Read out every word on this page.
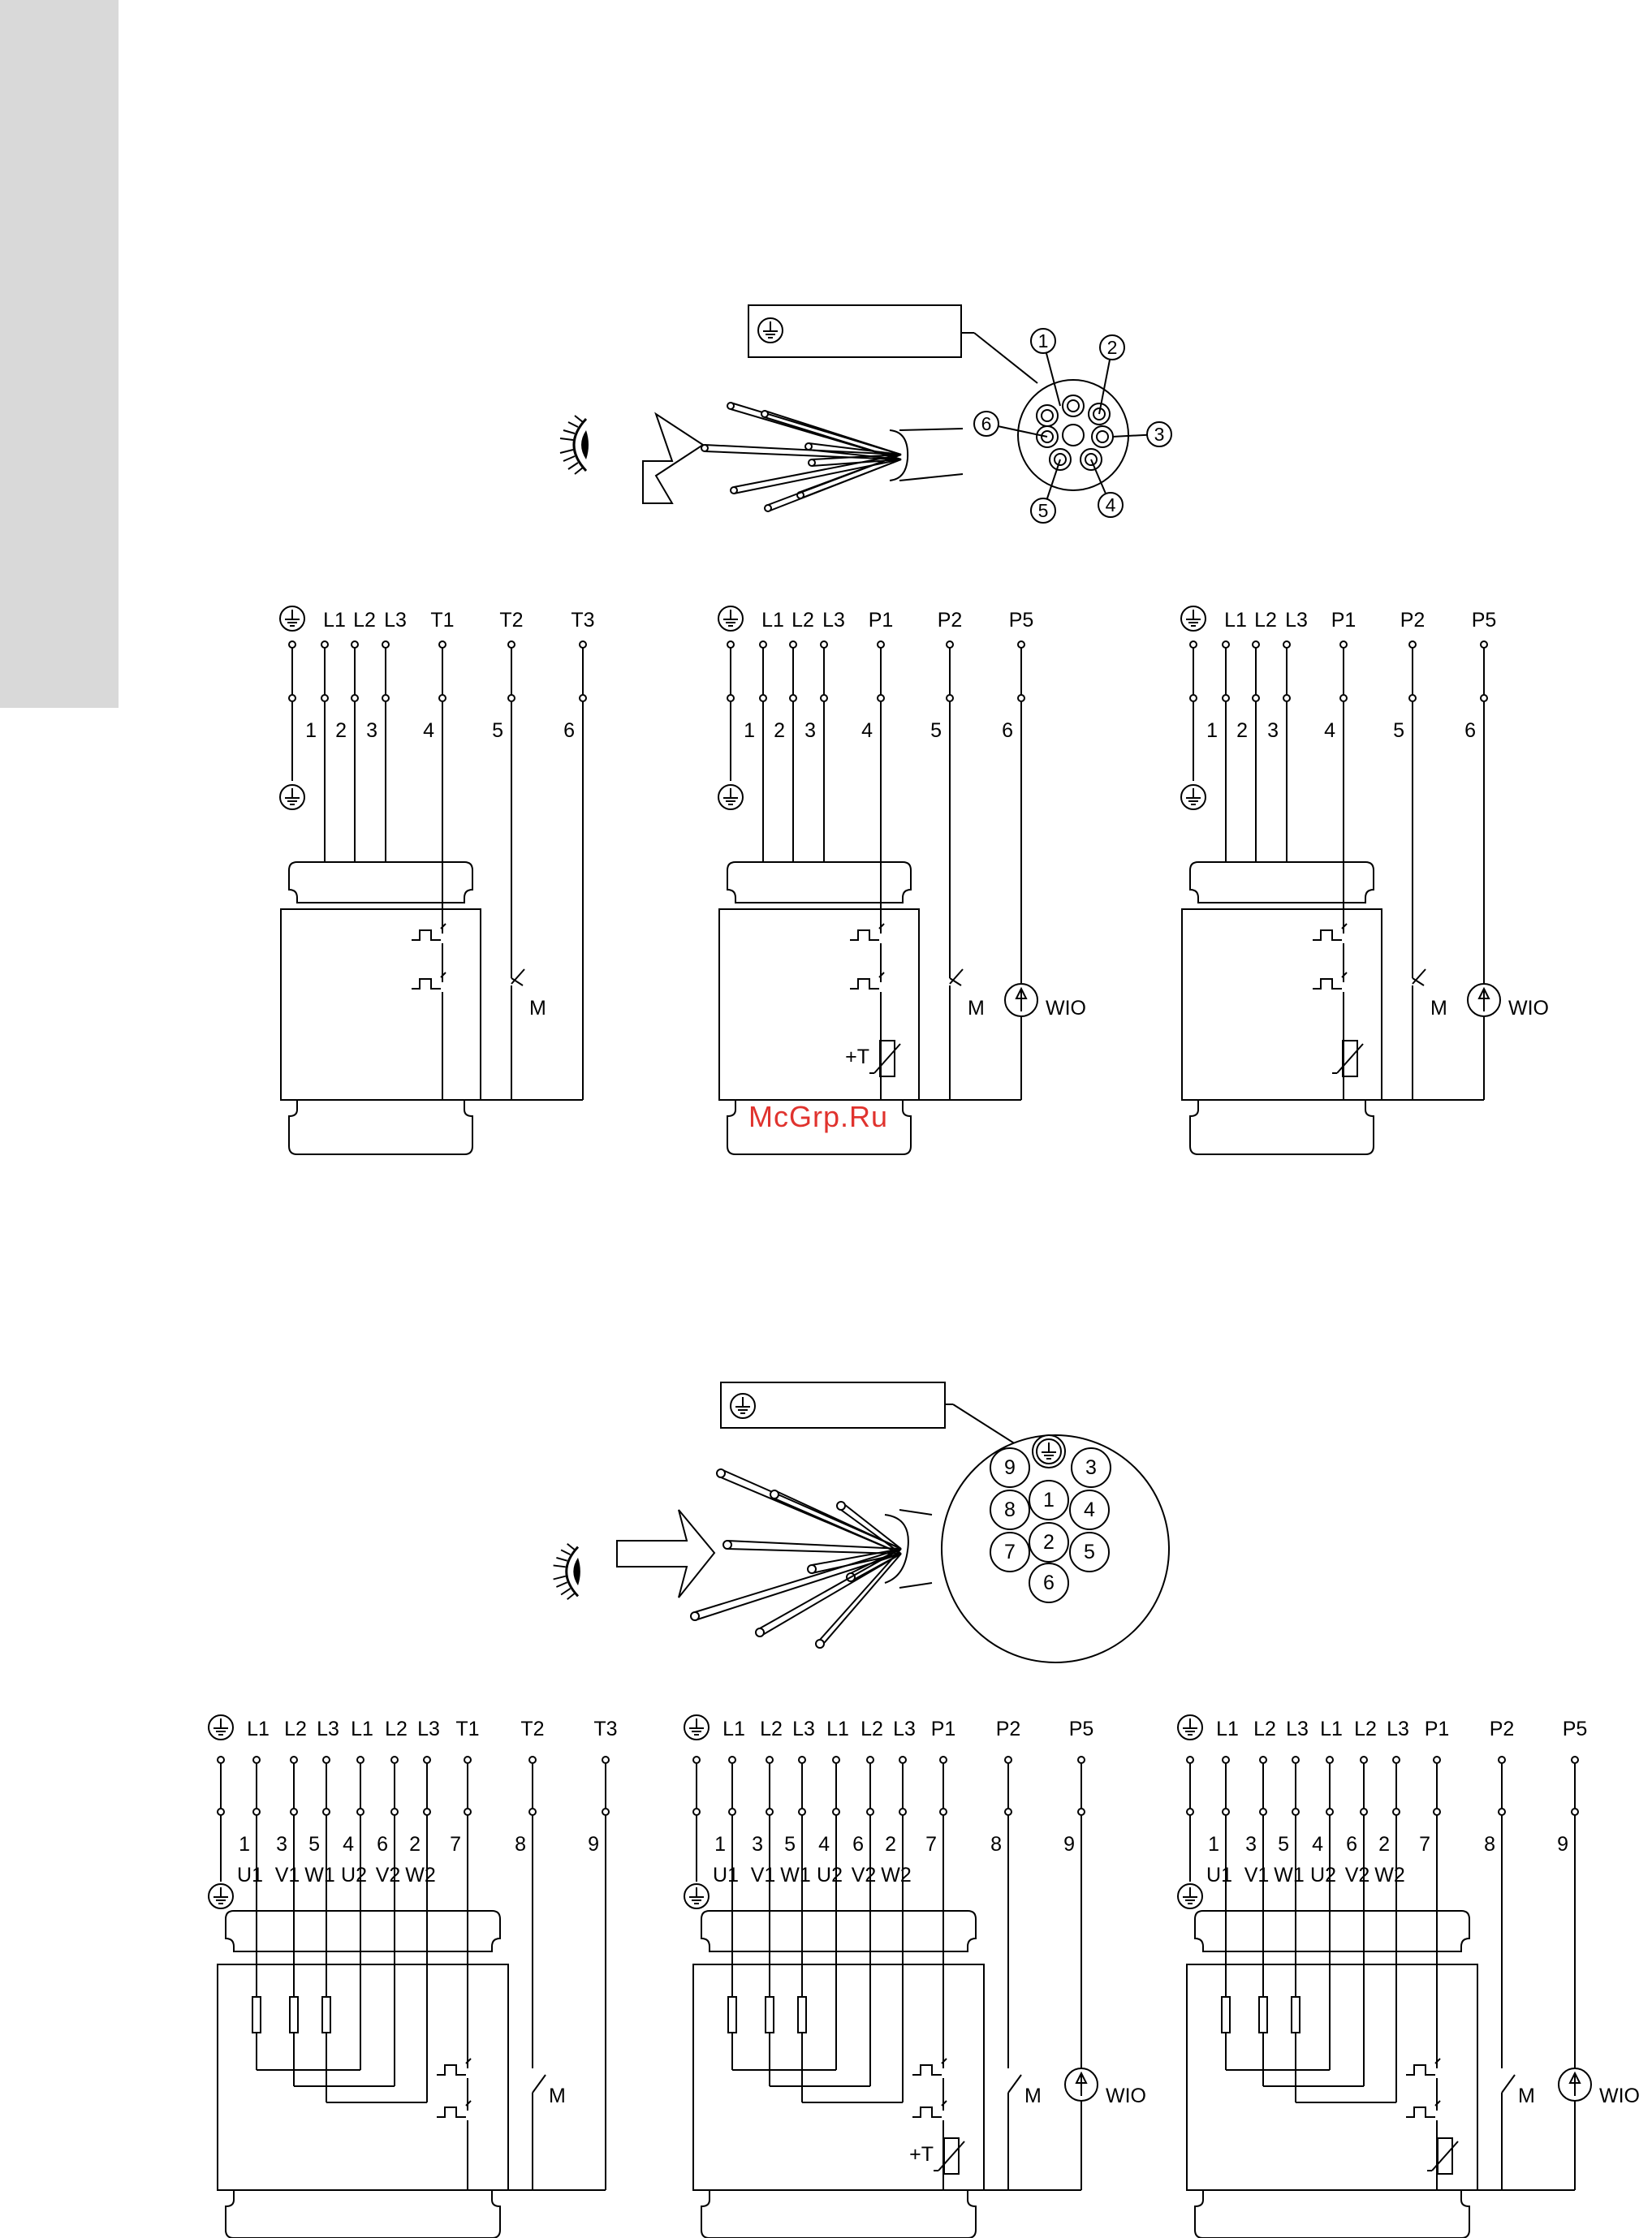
1	2
3
4
5
6
9	3
1
8	4
2
7	5
6
L1 L2 L3 T1 T2 T3
1 2 3 4	5	6
M
L1 L2 L3 P1 P2 P5
1 2 3 4	5	6
+T
M	WIO
L1 L2 L3 P1 P2 P5
1 2 3 4	5	6
M	WIO
L1 L2 L3 L1 L2 L3 T1 T2 T3
1 3 5 4 6 2 7	8	9
U1 V1 W1 U2 V2 W2
M
L1 L2 L3 L1 L2 L3 P1 P2 P5
1 3 5 4 6 2 7	8	9
U1 V1 W1 U2 V2 W2
+T
M	WIO
L1 L2 L3 L1 L2 L3 P1 P2 P5
1 3 5 4 6 2 7	8	9
U1 V1 W1 U2 V2 W2
M	WIO
McGrp.Ru
